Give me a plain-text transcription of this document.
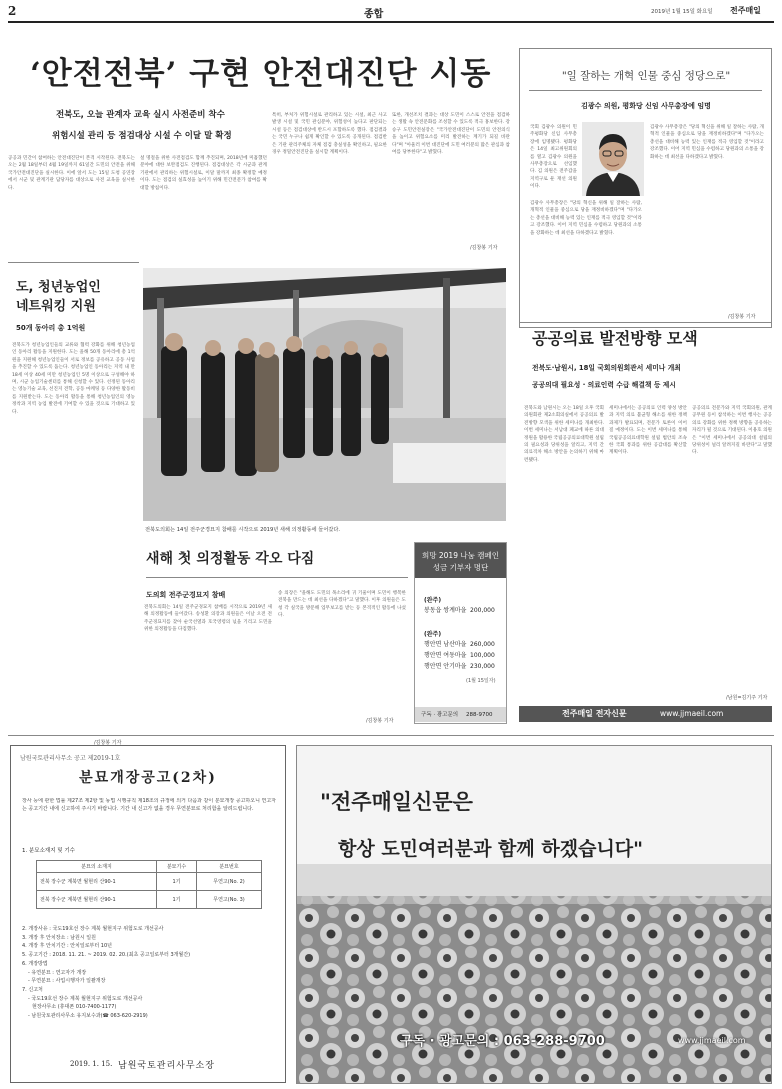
2	종합	2019년 1월 15일 화요일 전주매일
‘안전전북’ 구현 안전대진단 시동
전북도, 오늘 관계자 교육 실시 사전준비 착수
위험시설 관리 등 점검대상 시설 수 이달 말 확정
공공과 민간이 참여하는 안전대진단이 본격 시작된다. 전북도는 오는 2월 18일부터 4월 19일까지 61일간 도민의 안전을 위해 국가안전대진단을 실시한다. 이에 앞서 도는 15일 도청 공연장에서 시군 및 관계기관 담당자를 대상으로 사전 교육을 실시한다.
설 명절을 위한 사전점검도 함께 추진되며, 2018년에 미흡했던 분야에 대한 보완점검도 진행된다. 점검대상은 각 시군과 관계기관에서 관리하는 위험시설로, 이달 말까지 최종 확정할 예정이다. 도는 점검의 실효성을 높이기 위해 민간전문가 참여를 확대할 방침이다.
특히, 부처가 위험시설로 관리하고 있는 시설, 최근 사고발생 시설 및 국민 관심분야, 위험성이 높다고 판단되는 시설 등은 점검대상에 반드시 포함하도록 했다. 점검결과는 국민 누구나 쉽게 확인할 수 있도록 공개된다. 점검반은 기관 관리주체의 자체 점검 충실성을 확인하고, 필요한 경우 정밀안전진단을 실시할 계획이다.
또한, 개선조치 결과는 대상 도민이 스스로 안전을 점검하는 생활 속 안전문화를 조성할 수 있도록 적극 홍보한다. 강승구 도민안전실장은 "국가안전대진단이 도민의 안전의식을 높이고 위험요소를 미리 발견하는 계기가 되길 바란다"며 "아울러 이번 대진단에 도민 여러분의 많은 관심과 참여를 당부한다"고 밝혔다.
/김창봉 기자
"일 잘하는 개혁 인물 중심 정당으로"
김광수 의원, 평화당 신임 사무총장에 임명
국회 김광수 의원이 민주평화당 신임 사무총장에 임명됐다. 평화당은 14일 최고위원회의를 열고 김광수 의원을 사무총장으로 선임했다. 김 의원은 전주갑을 지역구로 둔 재선 의원이다.
김광수 사무총장은 "당의 혁신을 위해 일 잘하는 사람, 개혁적 인물을 중심으로 당을 재정비하겠다"며 "다가오는 총선을 대비해 능력 있는 인재를 적극 영입할 것"이라고 강조했다. 이어 지역 민심을 수렴하고 당원과의 소통을 강화하는 데 최선을 다하겠다고 밝혔다.
김광수 사무총장은 "당의 혁신을 위해 일 잘하는 사람, 개혁적 인물을 중심으로 당을 재정비하겠다"며 "다가오는 총선을 대비해 능력 있는 인재를 적극 영입할 것"이라고 강조했다. 이어 지역 민심을 수렴하고 당원과의 소통을 강화하는 데 최선을 다하겠다고 밝혔다.
/김창봉 기자
도, 청년농업인
네트워킹 지원
50개 동아리 총 1억원
전북도가 청년농업인들의 교류와 협력 강화를 위해 청년농업인 동아리 활동을 지원한다. 도는 올해 50개 동아리에 총 1억원을 지원해 청년농업인들이 서로 정보를 공유하고 공동 사업을 추진할 수 있도록 돕는다. 청년농업인 동아리는 지역 내 만 18세 이상 40세 미만 청년농업인 5명 이상으로 구성해야 하며, 시군 농업기술센터를 통해 신청할 수 있다. 선정된 동아리는 영농기술 교육, 선진지 견학, 공동 마케팅 등 다양한 활동비를 지원받는다. 도는 동아리 활동을 통해 청년농업인의 영농 정착과 지역 농업 발전에 기여할 수 있을 것으로 기대하고 있다.
/김창봉 기자
전북도의회는 14일 전주군경묘지 참배를 시작으로 2019년 새해 의정활동에 들어갔다.
새해 첫 의정활동 각오 다짐
도의회 전주군경묘지 참배
전북도의회는 14일 전주군경묘지 참배를 시작으로 2019년 새해 의정활동에 들어갔다. 송성환 의장과 의원들은 이날 오전 전주군경묘지를 찾아 순국선열과 호국영령의 넋을 기리고 도민을 위한 의정활동을 다짐했다.
송 의장은 "올해도 도민의 목소리에 귀 기울이며 도민이 행복한 전북을 만드는 데 최선을 다하겠다"고 말했다. 이후 의원들은 도청 각 실국을 방문해 업무보고를 받는 등 본격적인 활동에 나섰다.
/김창봉 기자
희망 2019 나눔 캠페인
성금 기부자 명단
(완주)
봉동읍 쌍계마을 200,000
(완주)
행안면 남산마을 260,000
행안면 여동마을 100,000
행안면 안기마을 230,000
(1월 15일자)
구독 · 광고문의 288-9700
공공의료 발전방향 모색
전북도·남원시, 18일 국회의원회관서 세미나 개최
공공의대 필요성 · 의료인력 수급 해결책 등 제시
전북도와 남원시는 오는 18일 오후 국회의원회관 제2소회의실에서 공공의료 발전방향 모색을 위한 세미나를 개최한다. 이번 세미나는 서남대 폐교에 따른 의대 정원을 활용한 국립공공의료대학원 설립의 필요성과 당위성을 알리고, 지역 간 의료격차 해소 방안을 논의하기 위해 마련됐다.
세미나에서는 공공의료 인력 양성 방안과 지역 의료 불균형 해소를 위한 정책 과제가 발표되며, 전문가 토론이 이어질 예정이다. 도는 이번 세미나를 통해 국립공공의료대학원 설립 법안의 조속한 국회 통과를 위한 공감대를 확산할 계획이다.
공공의료 전문가와 지역 국회의원, 관계 공무원 등이 참석하는 이번 행사는 공공의료 강화를 위한 정책 방향을 공유하는 자리가 될 것으로 기대된다. 이용호 의원은 "이번 세미나에서 공공의대 설립의 당위성이 널리 알려지길 바란다"고 말했다.
/남원=김기주 기자
전주매일 전자신문	www.jjmaeil.com
남원국토관리사무소 공고 제2019-1호
분묘개장공고(2차)
장사 등에 관한 법률 제27조 제2항 및 동법 시행규칙 제18조의 규정에 의거 다음과 같이 분묘개장 공고하오니 연고자는 공고기간 내에 신고하여 주시기 바랍니다. 기간 내 신고가 없을 경우 무연분묘로 처리함을 알려드립니다.
1. 분묘소재지 및 기수
분묘의 소재지	분묘기수	분묘번호
전북 장수군 계북면 월현리 산90-1	1기	무연고(No. 2)
전북 장수군 계북면 월현리 산90-1	1기	무연고(No. 3)
2. 개장사유 : 국도19호선 장수 계북 월현지구 위험도로 개선공사
3. 개장 후 안치장소 : 남원시 일원
4. 개장 후 안치기간 : 안치일로부터 10년
5. 공고기간 : 2018. 11. 21. ~ 2019. 02. 20.(최초 공고일로부터 3개월간)
6. 개장방법
- 유연분묘 : 연고자가 개장
- 무연분묘 : 사업시행자가 일괄개장
7. 신고처
- 국도19호선 장수 계북 월현지구 위험도로 개선공사
현장사무소 (휴대폰 010-7400-1177)
- 남원국토관리사무소 유지보수과(☎ 063-620-2919)
2019. 1. 15. 남원국토관리사무소장
"전주매일신문은
항상 도민여러분과 함께 하겠습니다"
구독 · 광고문의 : 063-288-9700	www.jjmaeil.com
